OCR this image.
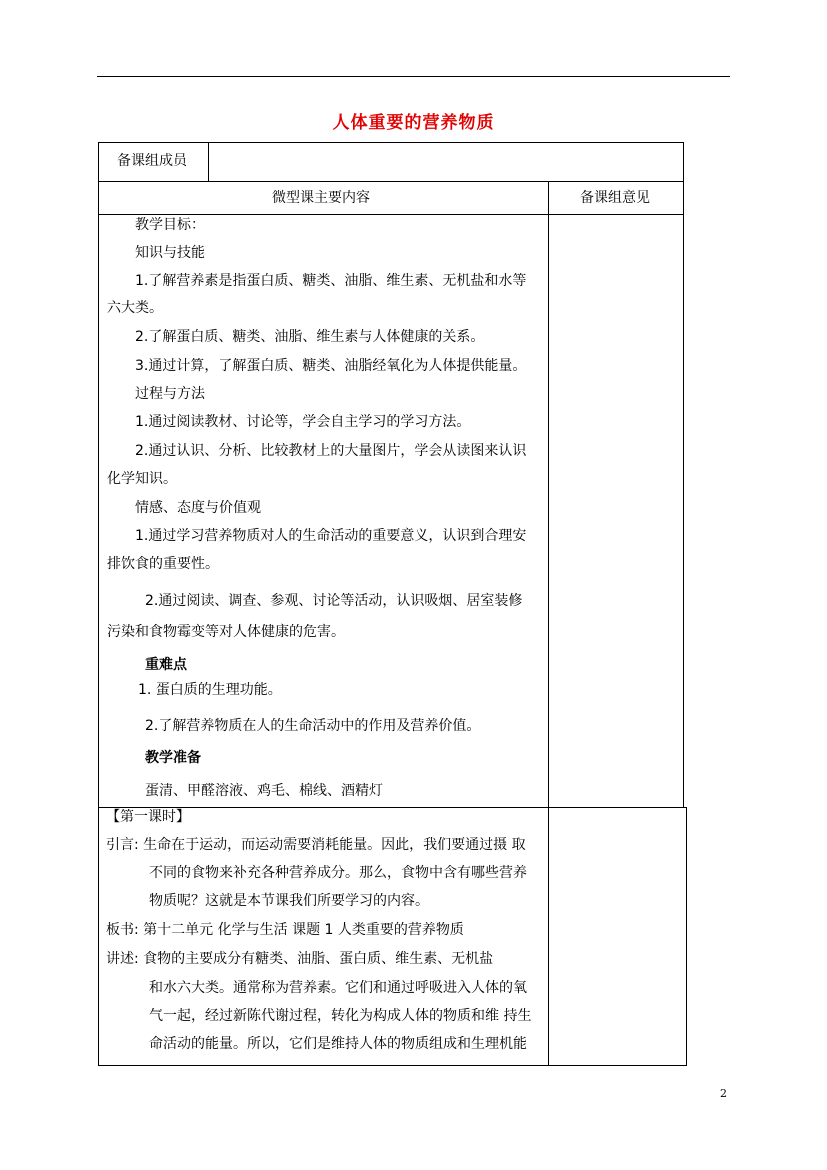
人体重要的营养物质
备课组成员
微型课主要内容	备课组意见
教学目标：
知识与技能
1.了解营养素是指蛋白质、糖类、油脂、维生素、无机盐和水等
六大类。
2.了解蛋白质、糖类、油脂、维生素与人体健康的关系。
3.通过计算，了解蛋白质、糖类、油脂经氧化为人体提供能量。
过程与方法
1.通过阅读教材、讨论等，学会自主学习的学习方法。
2.通过认识、分析、比较教材上的大量图片，学会从读图来认识
化学知识。
情感、态度与价值观
1.通过学习营养物质对人的生命活动的重要意义，认识到合理安
排饮食的重要性。
2.通过阅读、调查、参观、讨论等活动，认识吸烟、居室装修
污染和食物霉变等对人体健康的危害。
重难点
1. 蛋白质的生理功能。
2.了解营养物质在人的生命活动中的作用及营养价值。
教学准备
蛋清、甲醛溶液、鸡毛、棉线、酒精灯
【第一课时】
引言: 生命在于运动，而运动需要消耗能量。因此，我们要通过摄 取
不同的食物来补充各种营养成分。那么，食物中含有哪些营养
物质呢？这就是本节课我们所要学习的内容。
板书: 第十二单元 化学与生活 课题 1 人类重要的营养物质
讲述: 食物的主要成分有糖类、油脂、蛋白质、维生素、无机盐
和水六大类。通常称为营养素。它们和通过呼吸进入人体的氧
气一起，经过新陈代谢过程，转化为构成人体的物质和维 持生
命活动的能量。所以，它们是维持人体的物质组成和生理机能
2
